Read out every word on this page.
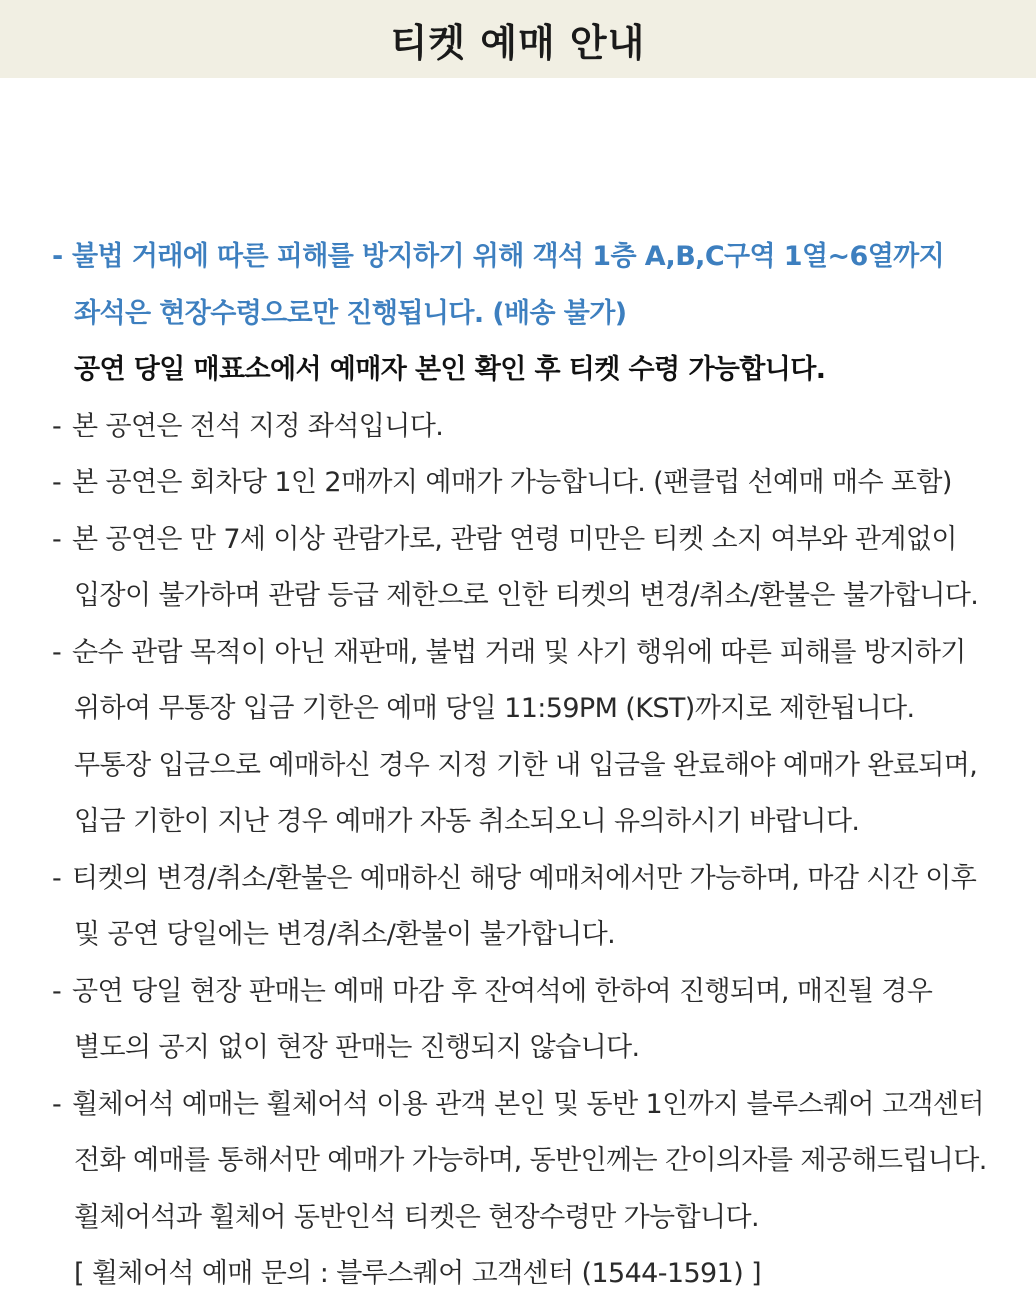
티켓 예매 안내
- 불법 거래에 따른 피해를 방지하기 위해 객석 1층 A,B,C구역 1열~6열까지
좌석은 현장수령으로만 진행됩니다. (배송 불가)
공연 당일 매표소에서 예매자 본인 확인 후 티켓 수령 가능합니다.
- 본 공연은 전석 지정 좌석입니다.
- 본 공연은 회차당 1인 2매까지 예매가 가능합니다. (팬클럽 선예매 매수 포함)
- 본 공연은 만 7세 이상 관람가로, 관람 연령 미만은 티켓 소지 여부와 관계없이
입장이 불가하며 관람 등급 제한으로 인한 티켓의 변경/취소/환불은 불가합니다.
- 순수 관람 목적이 아닌 재판매, 불법 거래 및 사기 행위에 따른 피해를 방지하기
위하여 무통장 입금 기한은 예매 당일 11:59PM (KST)까지로 제한됩니다.
무통장 입금으로 예매하신 경우 지정 기한 내 입금을 완료해야 예매가 완료되며,
입금 기한이 지난 경우 예매가 자동 취소되오니 유의하시기 바랍니다.
- 티켓의 변경/취소/환불은 예매하신 해당 예매처에서만 가능하며, 마감 시간 이후
및 공연 당일에는 변경/취소/환불이 불가합니다.
- 공연 당일 현장 판매는 예매 마감 후 잔여석에 한하여 진행되며, 매진될 경우
별도의 공지 없이 현장 판매는 진행되지 않습니다.
- 휠체어석 예매는 휠체어석 이용 관객 본인 및 동반 1인까지 블루스퀘어 고객센터
전화 예매를 통해서만 예매가 가능하며, 동반인께는 간이의자를 제공해드립니다.
휠체어석과 휠체어 동반인석 티켓은 현장수령만 가능합니다.
[ 휠체어석 예매 문의 : 블루스퀘어 고객센터 (1544-1591) ]
